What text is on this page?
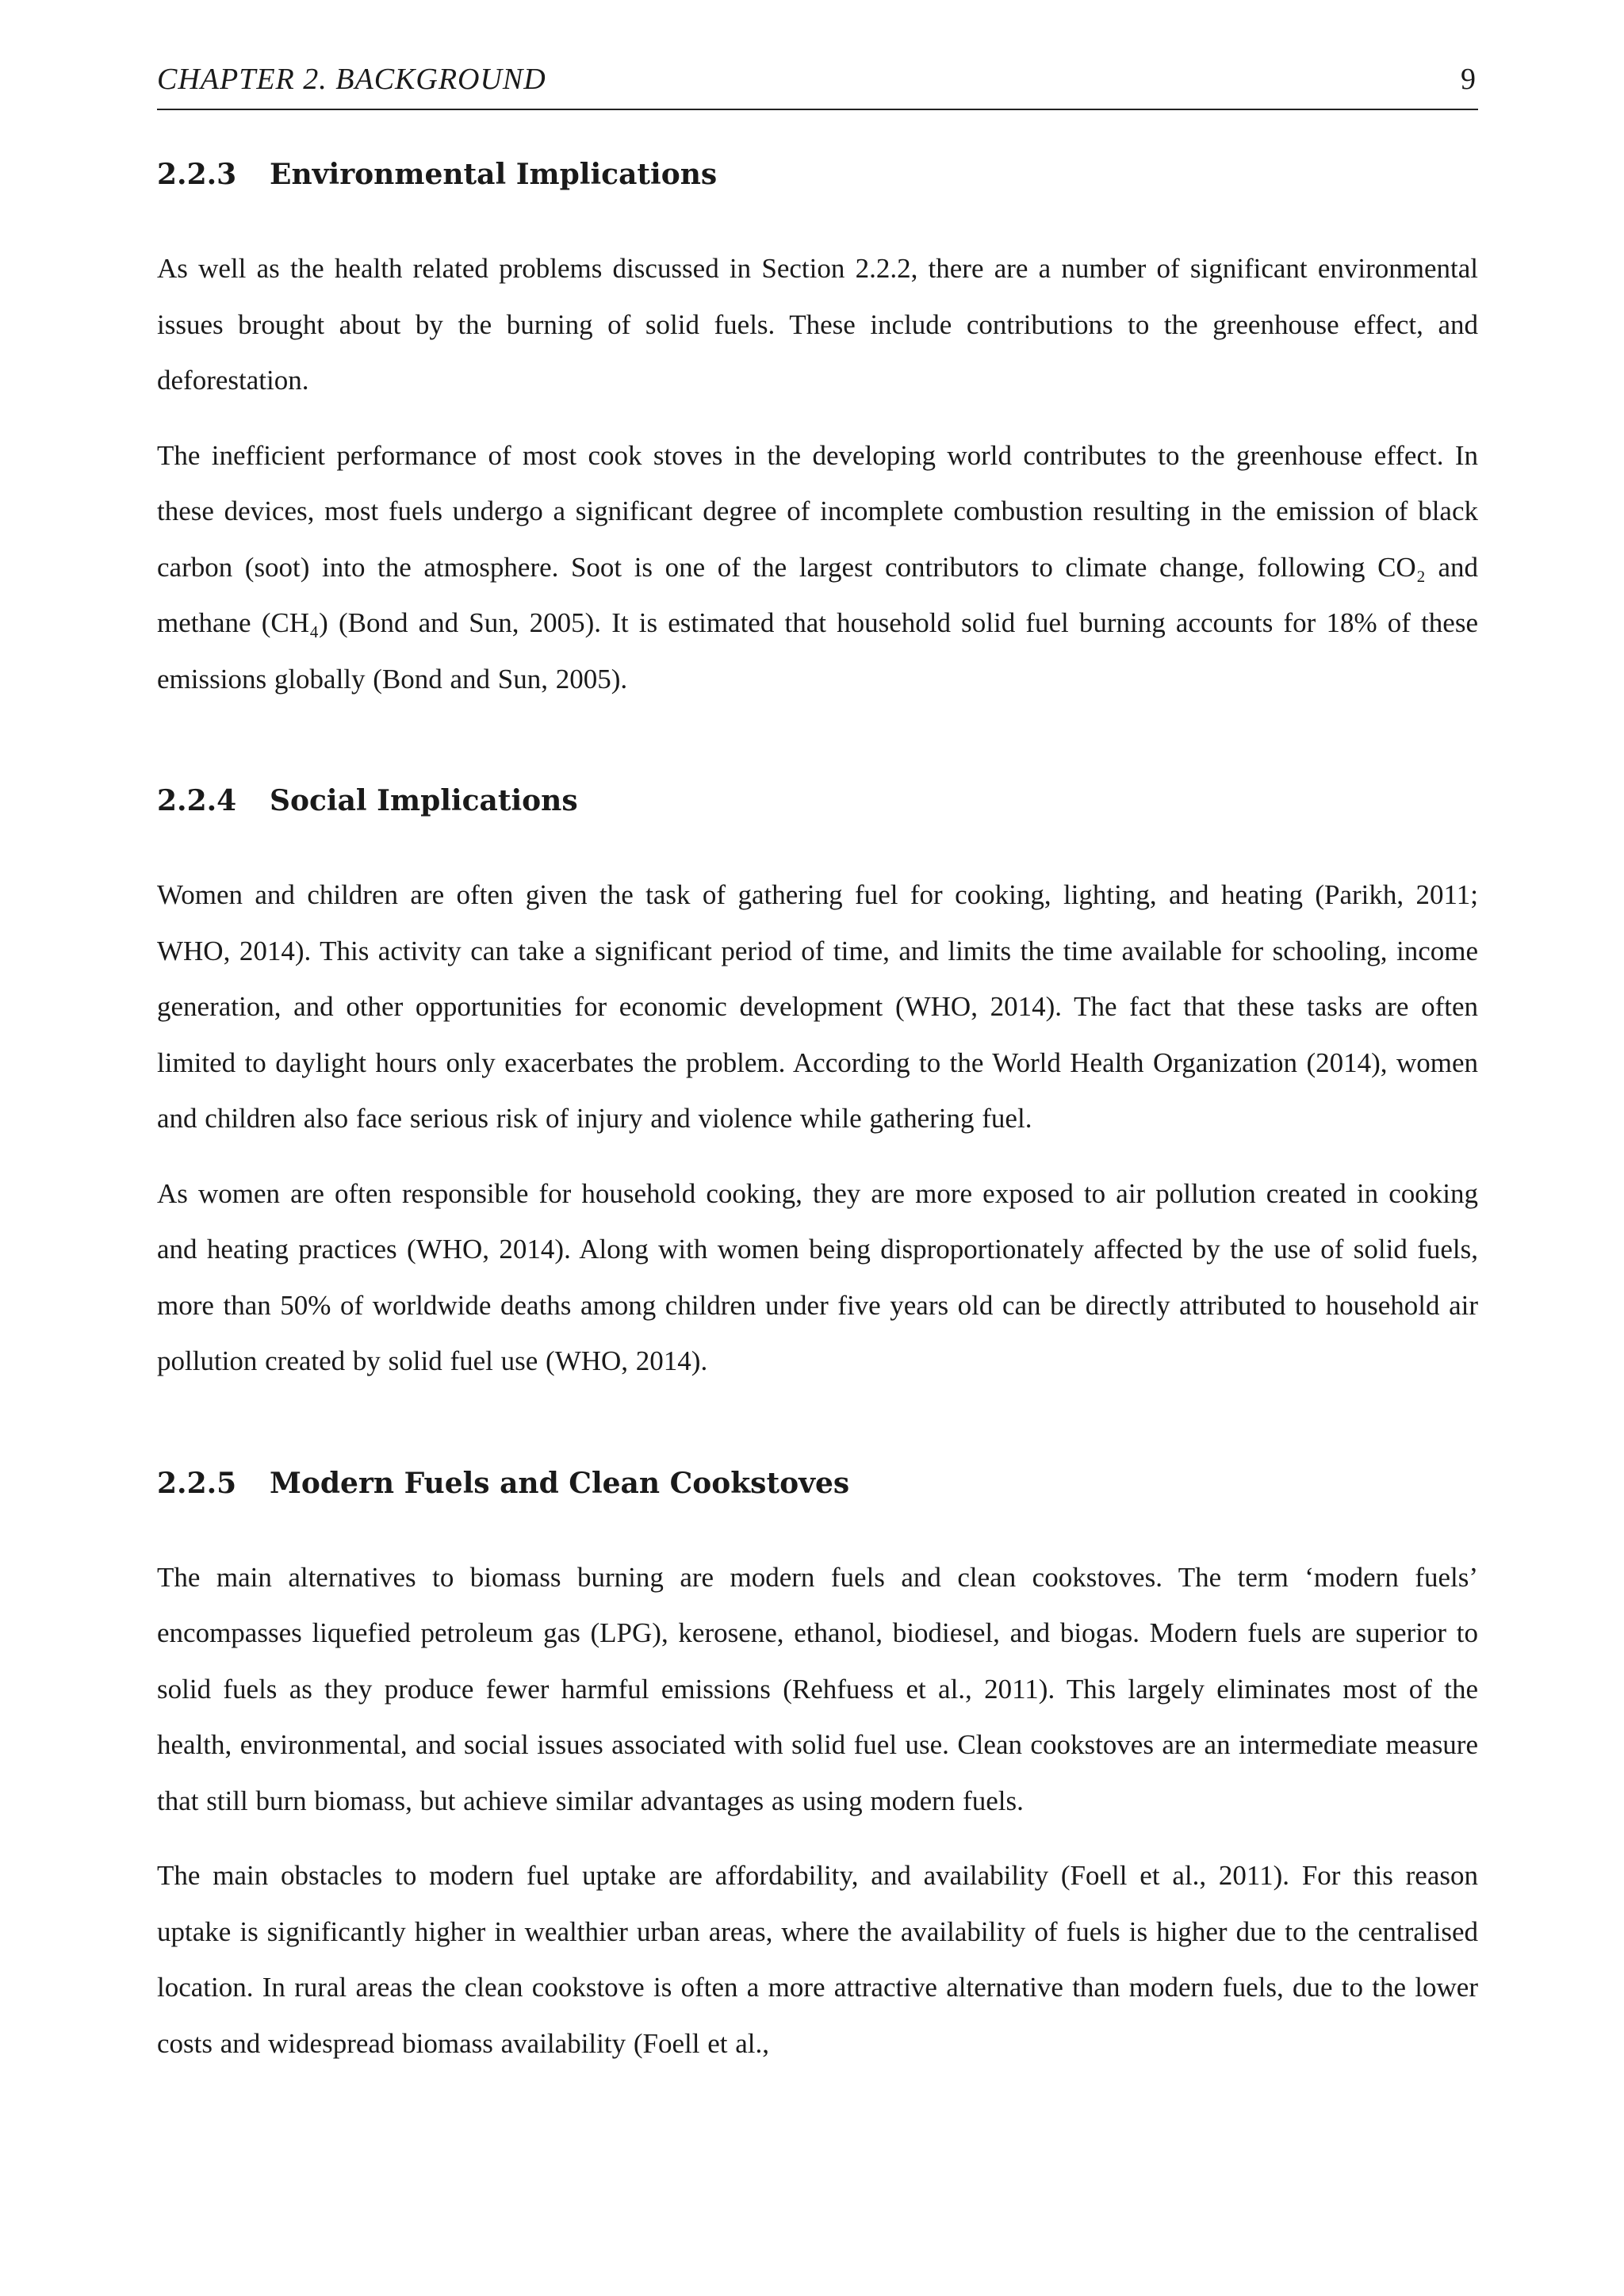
CHAPTER 2. BACKGROUND	9
2.2.3 Environmental Implications

As well as the health related problems discussed in Section 2.2.2, there are a number of significant environmental issues brought about by the burning of solid fuels. These include contributions to the greenhouse effect, and deforestation.

The inefficient performance of most cook stoves in the developing world contributes to the greenhouse effect. In these devices, most fuels undergo a significant degree of incomplete combustion resulting in the emission of black carbon (soot) into the atmosphere. Soot is one of the largest contributors to climate change, following CO₂ and methane (CH₄) (Bond and Sun, 2005). It is estimated that household solid fuel burning accounts for 18% of these emissions globally (Bond and Sun, 2005).

2.2.4 Social Implications

Women and children are often given the task of gathering fuel for cooking, lighting, and heating (Parikh, 2011; WHO, 2014). This activity can take a significant period of time, and limits the time available for schooling, income generation, and other opportunities for economic development (WHO, 2014). The fact that these tasks are often limited to daylight hours only exacerbates the problem. According to the World Health Organization (2014), women and children also face serious risk of injury and violence while gathering fuel.

As women are often responsible for household cooking, they are more exposed to air pollution created in cooking and heating practices (WHO, 2014). Along with women being disproportionately affected by the use of solid fuels, more than 50% of worldwide deaths among children under five years old can be directly attributed to household air pollution created by solid fuel use (WHO, 2014).

2.2.5 Modern Fuels and Clean Cookstoves

The main alternatives to biomass burning are modern fuels and clean cookstoves. The term ‘modern fuels’ encompasses liquefied petroleum gas (LPG), kerosene, ethanol, biodiesel, and biogas. Modern fuels are superior to solid fuels as they produce fewer harmful emissions (Rehfuess et al., 2011). This largely eliminates most of the health, environmental, and social issues associated with solid fuel use. Clean cookstoves are an intermediate measure that still burn biomass, but achieve similar advantages as using modern fuels.

The main obstacles to modern fuel uptake are affordability, and availability (Foell et al., 2011). For this reason uptake is significantly higher in wealthier urban areas, where the availability of fuels is higher due to the centralised location. In rural areas the clean cookstove is often a more attractive alternative than modern fuels, due to the lower costs and widespread biomass availability (Foell et al.,
